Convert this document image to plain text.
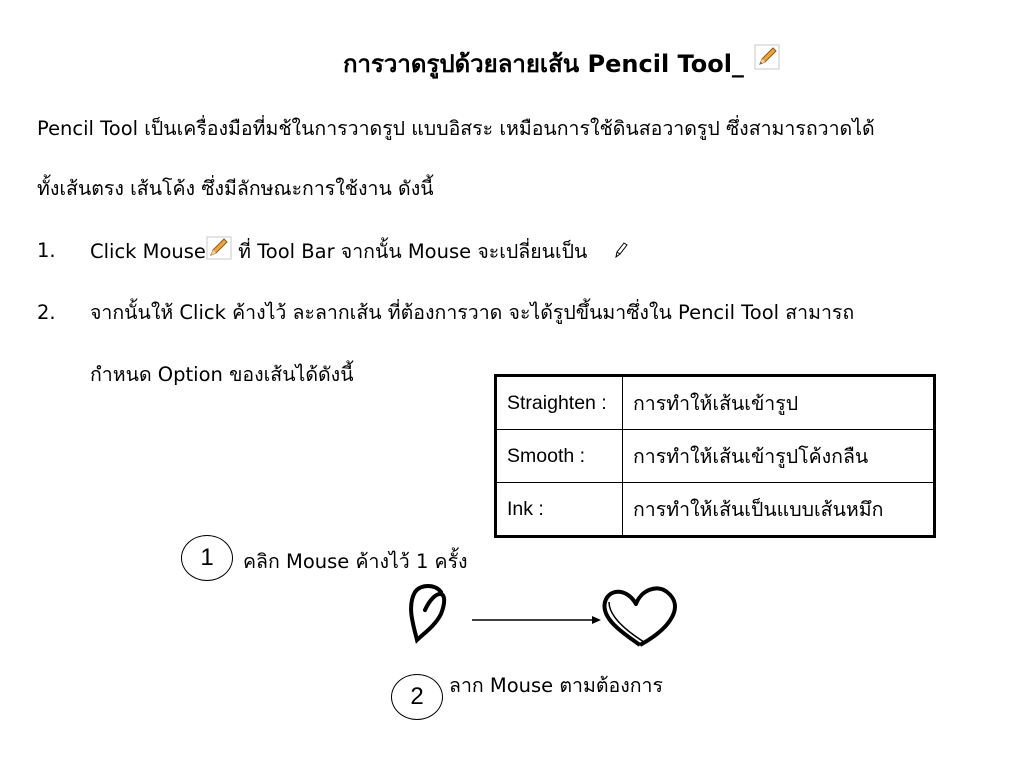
การวาดรูปด้วยลายเส้น Pencil Tool_
Pencil Tool เป็นเครื่องมือที่มช้ในการวาดรูป แบบอิสระ เหมือนการใช้ดินสอวาดรูป ซึ่งสามารถวาดได้
ทั้งเส้นตรง เส้นโค้ง ซึ่งมีลักษณะการใช้งาน ดังนี้
1. Click Mouse ที่ Tool Bar จากนั้น Mouse จะเปลี่ยนเป็น
2. จากนั้นให้ Click ค้างไว้ ละลากเส้น ที่ต้องการวาด จะได้รูปขึ้นมาซึ่งใน Pencil Tool สามารถ
กำหนด Option ของเส้นได้ดังนี้
Straighten :	การทำให้เส้นเข้ารูป
Smooth :	การทำให้เส้นเข้ารูปโค้งกลืน
Ink :	การทำให้เส้นเป็นแบบเส้นหมึก
1	คลิก Mouse ค้างไว้ 1 ครั้ง
2	ลาก Mouse ตามต้องการ
